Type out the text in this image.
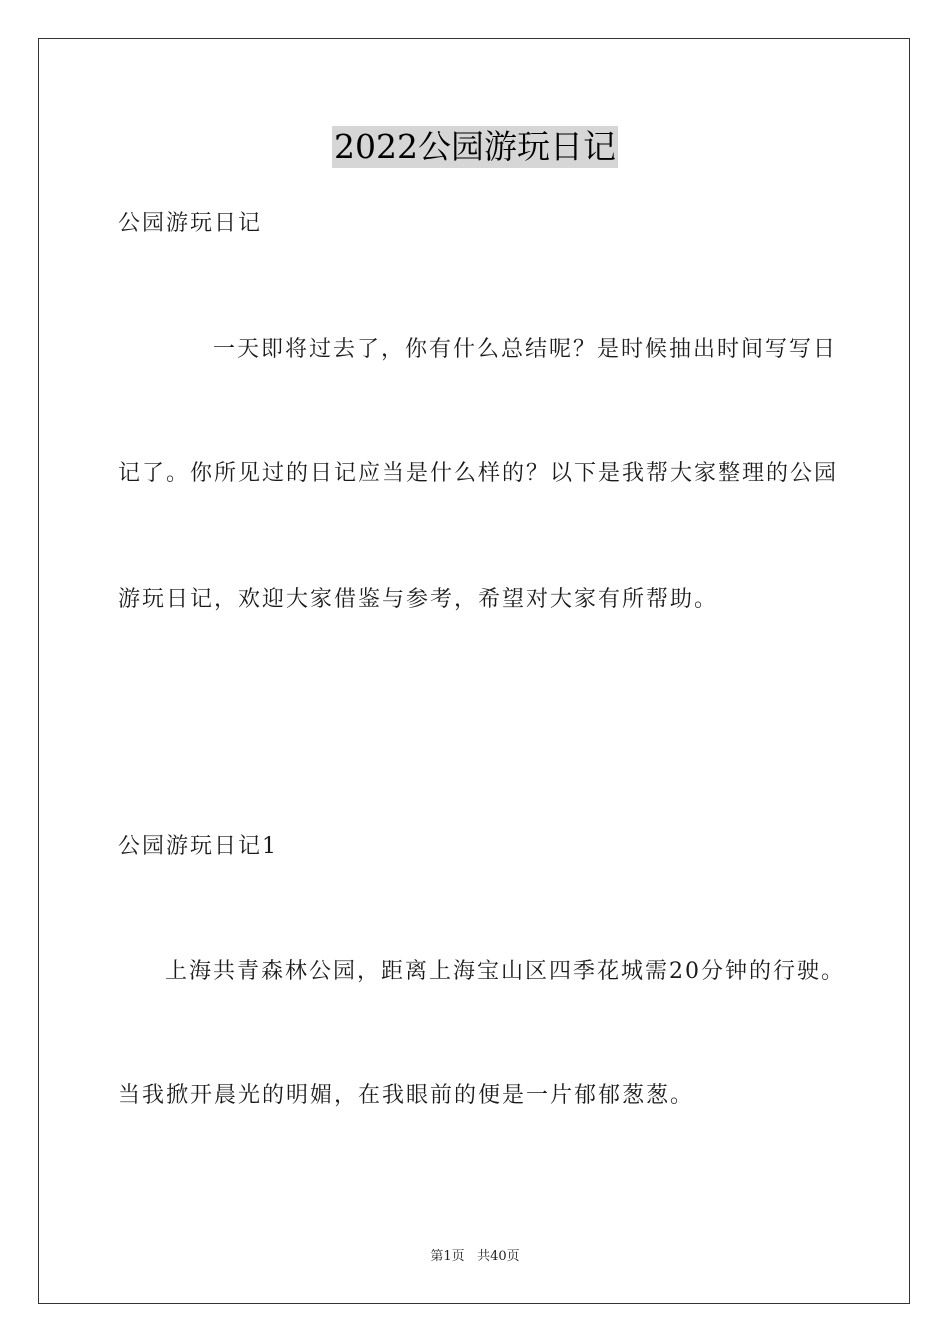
2022公园游玩日记
公园游玩日记
一天即将过去了，你有什么总结呢？是时候抽出时间写写日
记了。你所见过的日记应当是什么样的？以下是我帮大家整理的公园
游玩日记，欢迎大家借鉴与参考，希望对大家有所帮助。
公园游玩日记1
上海共青森林公园，距离上海宝山区四季花城需20分钟的行驶。
当我掀开晨光的明媚，在我眼前的便是一片郁郁葱葱。
第1页 共40页
